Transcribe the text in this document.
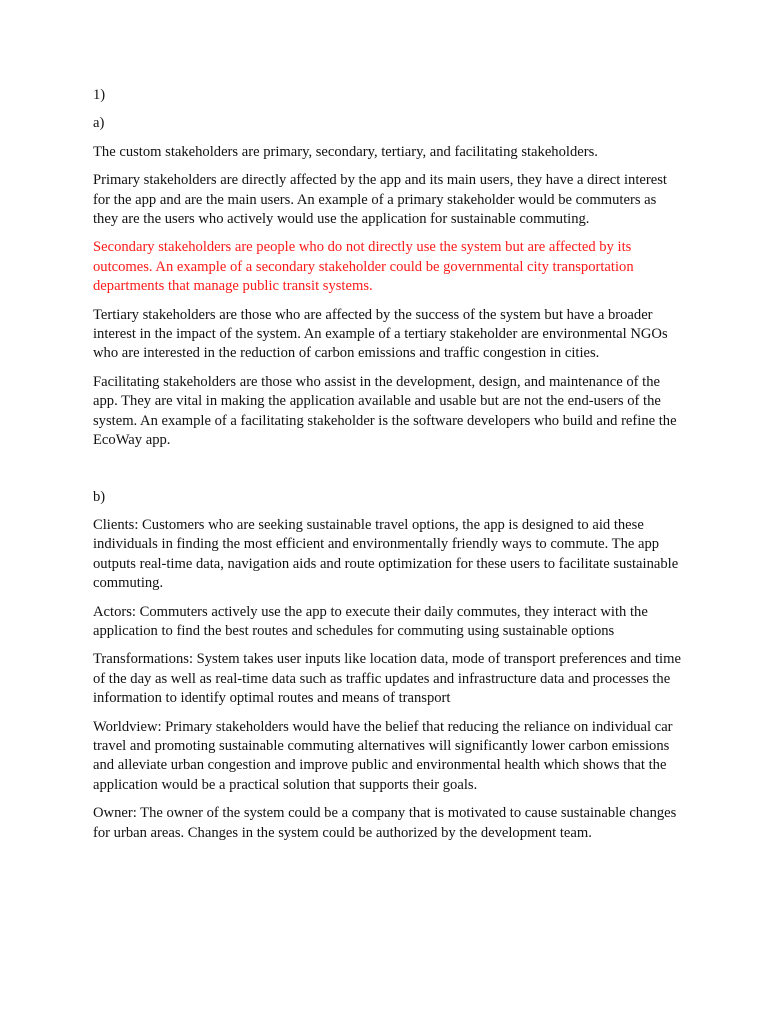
1)

a)

The custom stakeholders are primary, secondary, tertiary, and facilitating stakeholders.

Primary stakeholders are directly affected by the app and its main users, they have a direct interest for the app and are the main users. An example of a primary stakeholder would be commuters as they are the users who actively would use the application for sustainable commuting.

Secondary stakeholders are people who do not directly use the system but are affected by its outcomes. An example of a secondary stakeholder could be governmental city transportation departments that manage public transit systems.

Tertiary stakeholders are those who are affected by the success of the system but have a broader interest in the impact of the system. An example of a tertiary stakeholder are environmental NGOs who are interested in the reduction of carbon emissions and traffic congestion in cities.

Facilitating stakeholders are those who assist in the development, design, and maintenance of the app. They are vital in making the application available and usable but are not the end-users of the system. An example of a facilitating stakeholder is the software developers who build and refine the EcoWay app.

b)

Clients: Customers who are seeking sustainable travel options, the app is designed to aid these individuals in finding the most efficient and environmentally friendly ways to commute. The app outputs real-time data, navigation aids and route optimization for these users to facilitate sustainable commuting.

Actors: Commuters actively use the app to execute their daily commutes, they interact with the application to find the best routes and schedules for commuting using sustainable options

Transformations: System takes user inputs like location data, mode of transport preferences and time of the day as well as real-time data such as traffic updates and infrastructure data and processes the information to identify optimal routes and means of transport

Worldview: Primary stakeholders would have the belief that reducing the reliance on individual car travel and promoting sustainable commuting alternatives will significantly lower carbon emissions and alleviate urban congestion and improve public and environmental health which shows that the application would be a practical solution that supports their goals.

Owner: The owner of the system could be a company that is motivated to cause sustainable changes for urban areas. Changes in the system could be authorized by the development team.
